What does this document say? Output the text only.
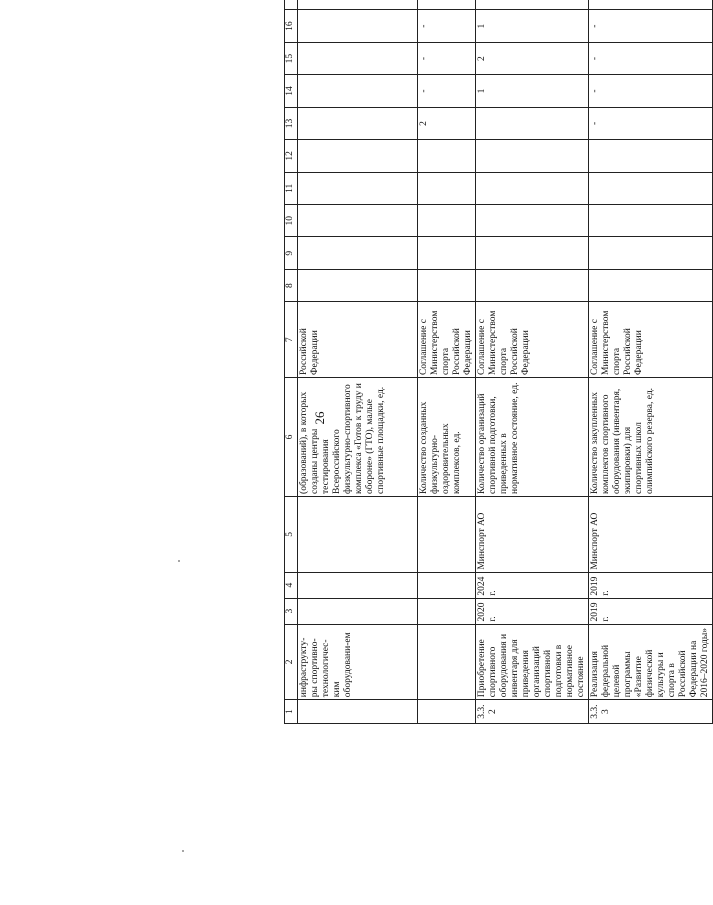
26
1	2	3	4	5	6	7	8	9	10	11	12	13	14	15	16			
	инфраструкту-ры спортивно-технологичес-ким оборудовани-ем				(образований), в которых созданы центры тестирования Всероссийского физкультурно-спортивного комплекса «Готов к труду и обороне» (ГТО), малые спортивные площадки, ед.	Российской Федерации												
					Количество созданных физкультурно-оздоровительных комплексов, ед.	Соглашение с Министерством спорта Российской Федерации						2	-	-	-			
3.3.2	Приобретение спортивного оборудования и инвентаря для приведения организаций спортивной подготовки в нормативное состояние	2020 г.	2024 г.	Минспорт АО	Количество организаций спортивной подготовки, приведенных в нормативное состояние, ед.	Соглашение с Министерством спорта Российской Федерации							1	2	1			
3.3.3	Реализация федеральной целевой программы «Развитие физической культуры и спорта в Российской Федерации на 2016–2020 годы»	2019 г.	2019 г.	Минспорт АО	Количество закупленных комплектов спортивного оборудования (инвентаря, экипировки) для спортивных школ олимпийского резерва, ед.	Соглашение с Министерством спорта Российской Федерации						-	-	-	-			
